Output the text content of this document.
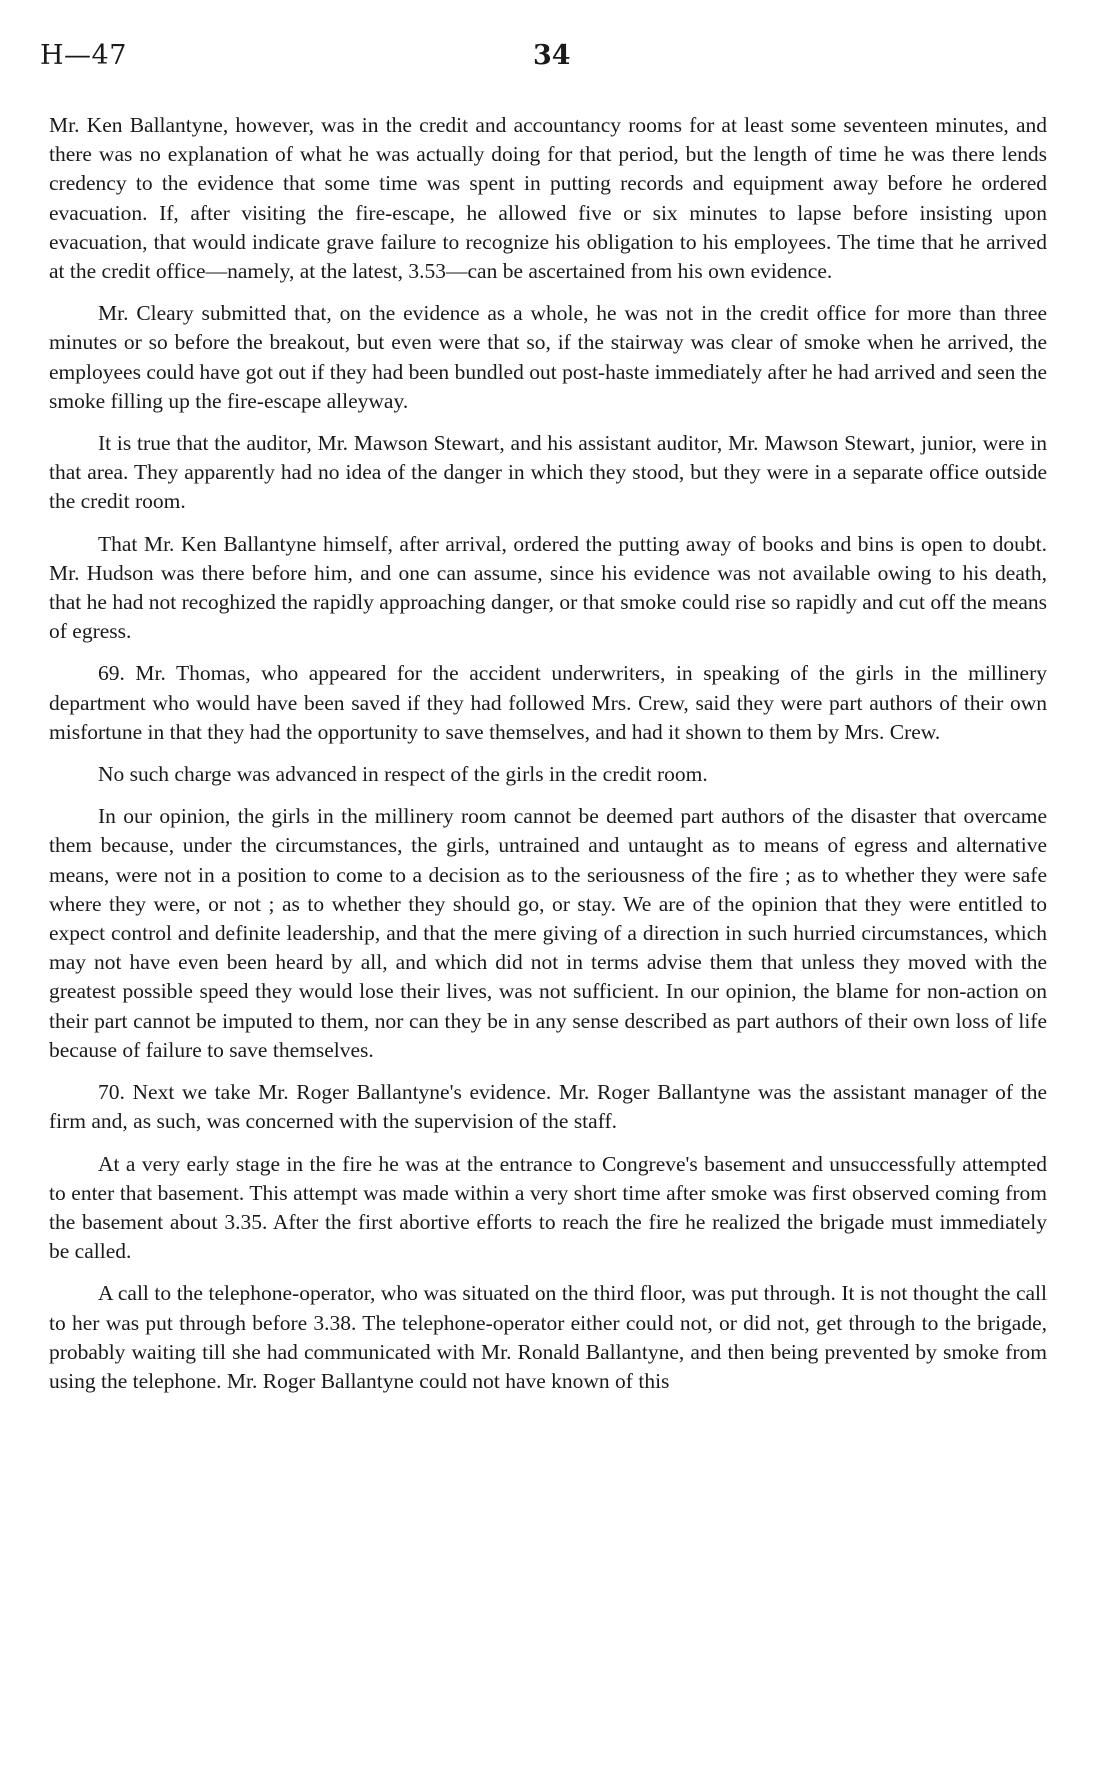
H—47	34

Mr. Ken Ballantyne, however, was in the credit and accountancy rooms for at least some seventeen minutes, and there was no explanation of what he was actually doing for that period, but the length of time he was there lends credency to the evidence that some time was spent in putting records and equipment away before he ordered evacuation. If, after visiting the fire-escape, he allowed five or six minutes to lapse before insisting upon evacuation, that would indicate grave failure to recognize his obligation to his employees. The time that he arrived at the credit office—namely, at the latest, 3.53—can be ascertained from his own evidence.

Mr. Cleary submitted that, on the evidence as a whole, he was not in the credit office for more than three minutes or so before the breakout, but even were that so, if the stairway was clear of smoke when he arrived, the employees could have got out if they had been bundled out post-haste immediately after he had arrived and seen the smoke filling up the fire-escape alleyway.

It is true that the auditor, Mr. Mawson Stewart, and his assistant auditor, Mr. Mawson Stewart, junior, were in that area. They apparently had no idea of the danger in which they stood, but they were in a separate office outside the credit room.

That Mr. Ken Ballantyne himself, after arrival, ordered the putting away of books and bins is open to doubt. Mr. Hudson was there before him, and one can assume, since his evidence was not available owing to his death, that he had not recoghized the rapidly approaching danger, or that smoke could rise so rapidly and cut off the means of egress.

69. Mr. Thomas, who appeared for the accident underwriters, in speaking of the girls in the millinery department who would have been saved if they had followed Mrs. Crew, said they were part authors of their own misfortune in that they had the opportunity to save themselves, and had it shown to them by Mrs. Crew.

No such charge was advanced in respect of the girls in the credit room.

In our opinion, the girls in the millinery room cannot be deemed part authors of the disaster that overcame them because, under the circumstances, the girls, untrained and untaught as to means of egress and alternative means, were not in a position to come to a decision as to the seriousness of the fire ; as to whether they were safe where they were, or not ; as to whether they should go, or stay. We are of the opinion that they were entitled to expect control and definite leadership, and that the mere giving of a direction in such hurried circumstances, which may not have even been heard by all, and which did not in terms advise them that unless they moved with the greatest possible speed they would lose their lives, was not sufficient. In our opinion, the blame for non-action on their part cannot be imputed to them, nor can they be in any sense described as part authors of their own loss of life because of failure to save themselves.

70. Next we take Mr. Roger Ballantyne's evidence. Mr. Roger Ballantyne was the assistant manager of the firm and, as such, was concerned with the supervision of the staff.

At a very early stage in the fire he was at the entrance to Congreve's basement and unsuccessfully attempted to enter that basement. This attempt was made within a very short time after smoke was first observed coming from the basement about 3.35. After the first abortive efforts to reach the fire he realized the brigade must immediately be called.

A call to the telephone-operator, who was situated on the third floor, was put through. It is not thought the call to her was put through before 3.38. The telephone-operator either could not, or did not, get through to the brigade, probably waiting till she had communicated with Mr. Ronald Ballantyne, and then being prevented by smoke from using the telephone. Mr. Roger Ballantyne could not have known of this
